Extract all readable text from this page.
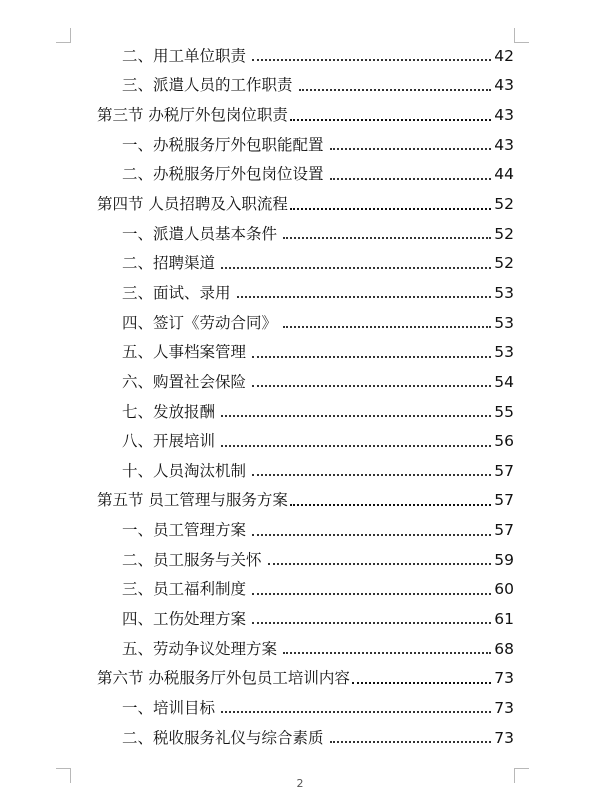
二、用工单位职责	42
三、派遣人员的工作职责	43
第三节 办税厅外包岗位职责	43
一、办税服务厅外包职能配置	43
二、办税服务厅外包岗位设置	44
第四节 人员招聘及入职流程	52
一、派遣人员基本条件	52
二、招聘渠道	52
三、面试、录用	53
四、签订《劳动合同》	53
五、人事档案管理	53
六、购置社会保险	54
七、发放报酬	55
八、开展培训	56
十、人员淘汰机制	57
第五节 员工管理与服务方案	57
一、员工管理方案	57
二、员工服务与关怀	59
三、员工福利制度	60
四、工伤处理方案	61
五、劳动争议处理方案	68
第六节 办税服务厅外包员工培训内容	73
一、培训目标	73
二、税收服务礼仪与综合素质	73
2
